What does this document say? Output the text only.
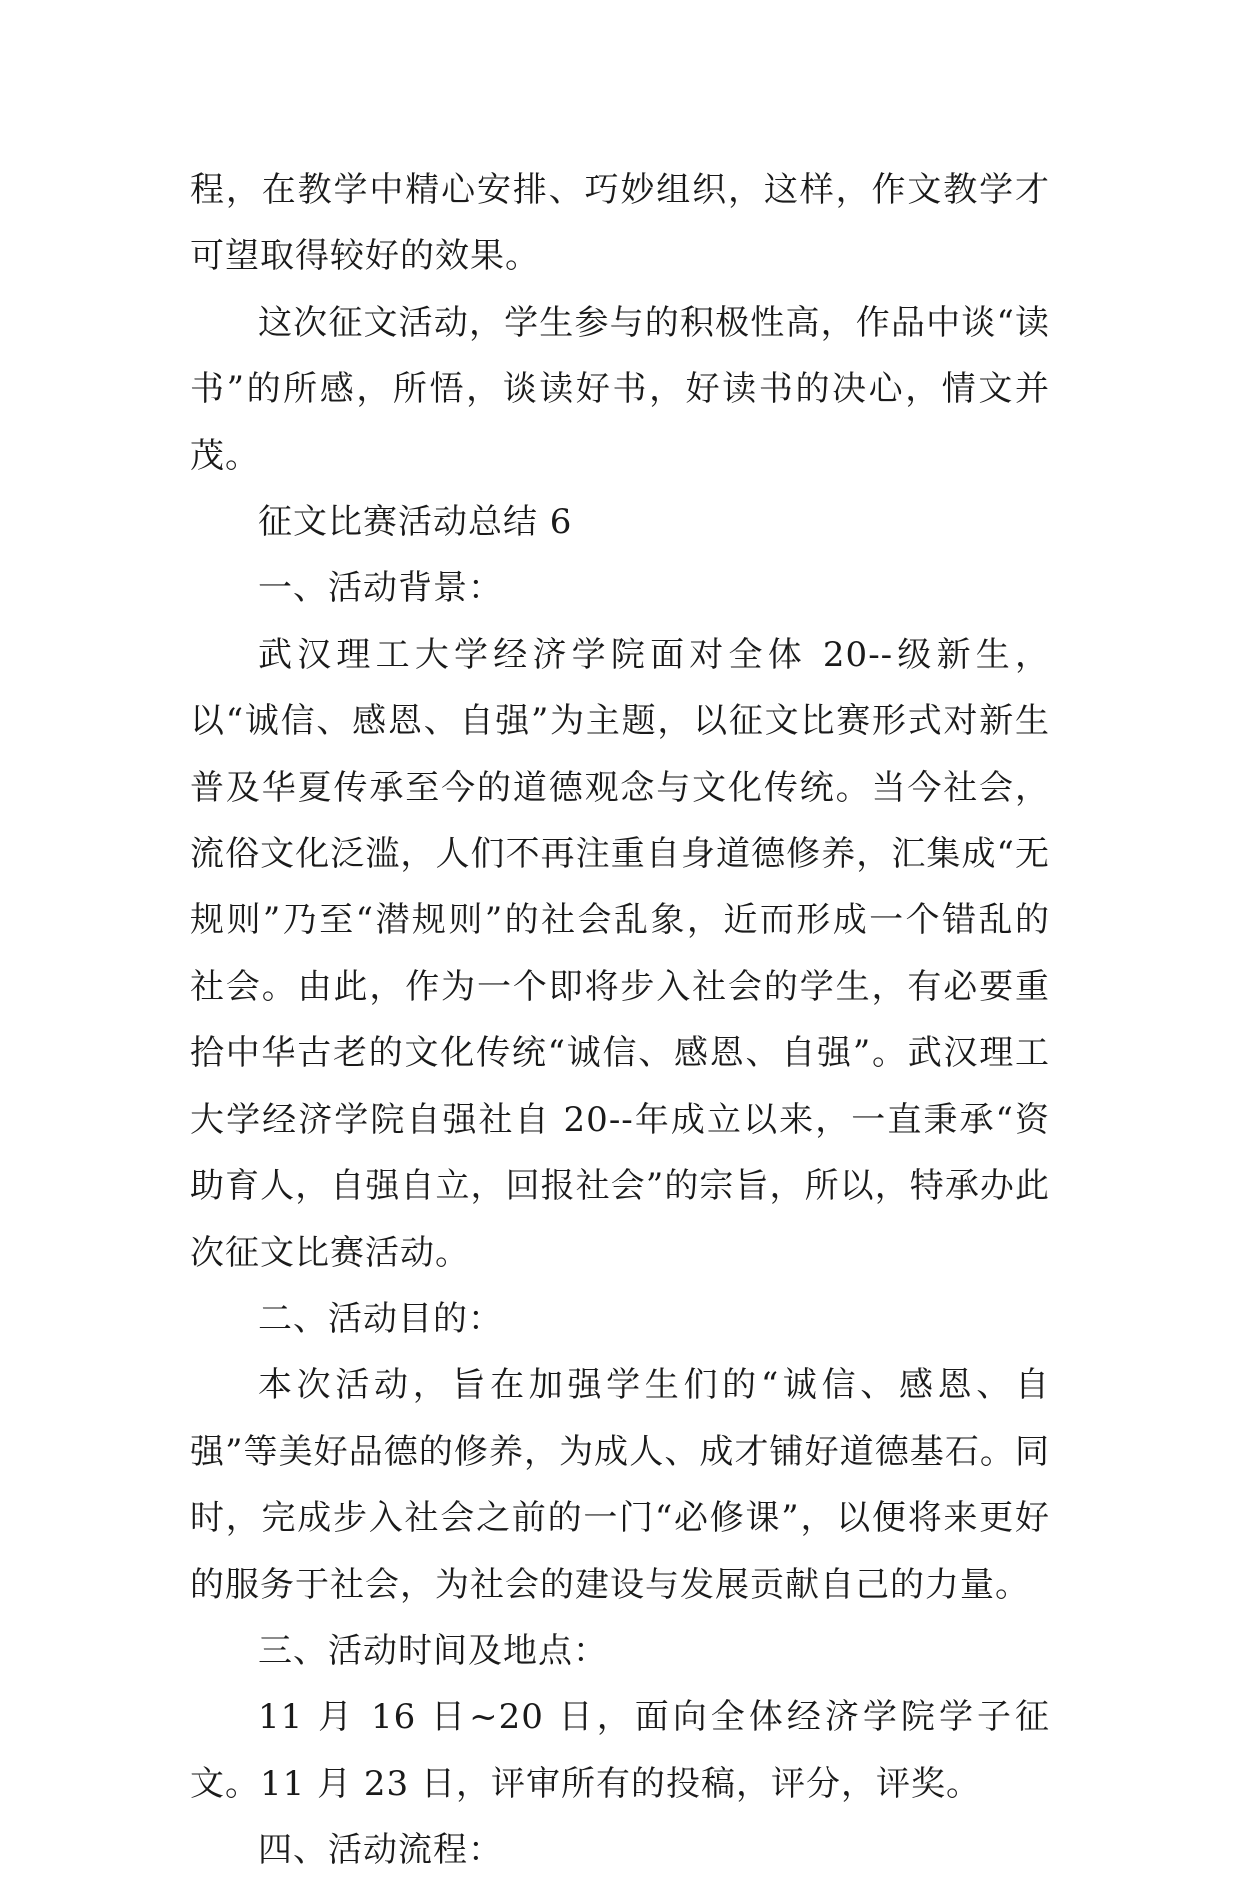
程，在教学中精心安排、巧妙组织，这样，作文教学才可望取得较好的效果。

这次征文活动，学生参与的积极性高，作品中谈“读书”的所感，所悟，谈读好书，好读书的决心，情文并茂。

征文比赛活动总结 6

一、活动背景：

武汉理工大学经济学院面对全体 20--级新生，以“诚信、感恩、自强”为主题，以征文比赛形式对新生普及华夏传承至今的道德观念与文化传统。当今社会，流俗文化泛滥，人们不再注重自身道德修养，汇集成“无规则”乃至“潜规则”的社会乱象，近而形成一个错乱的社会。由此，作为一个即将步入社会的学生，有必要重拾中华古老的文化传统“诚信、感恩、自强”。武汉理工大学经济学院自强社自 20--年成立以来，一直秉承“资助育人，自强自立，回报社会”的宗旨，所以，特承办此次征文比赛活动。

二、活动目的：

本次活动，旨在加强学生们的“诚信、感恩、自强”等美好品德的修养，为成人、成才铺好道德基石。同时，完成步入社会之前的一门“必修课”，以便将来更好的服务于社会，为社会的建设与发展贡献自己的力量。

三、活动时间及地点：

11 月 16 日~20 日，面向全体经济学院学子征文。11 月 23 日，评审所有的投稿，评分，评奖。

四、活动流程：
